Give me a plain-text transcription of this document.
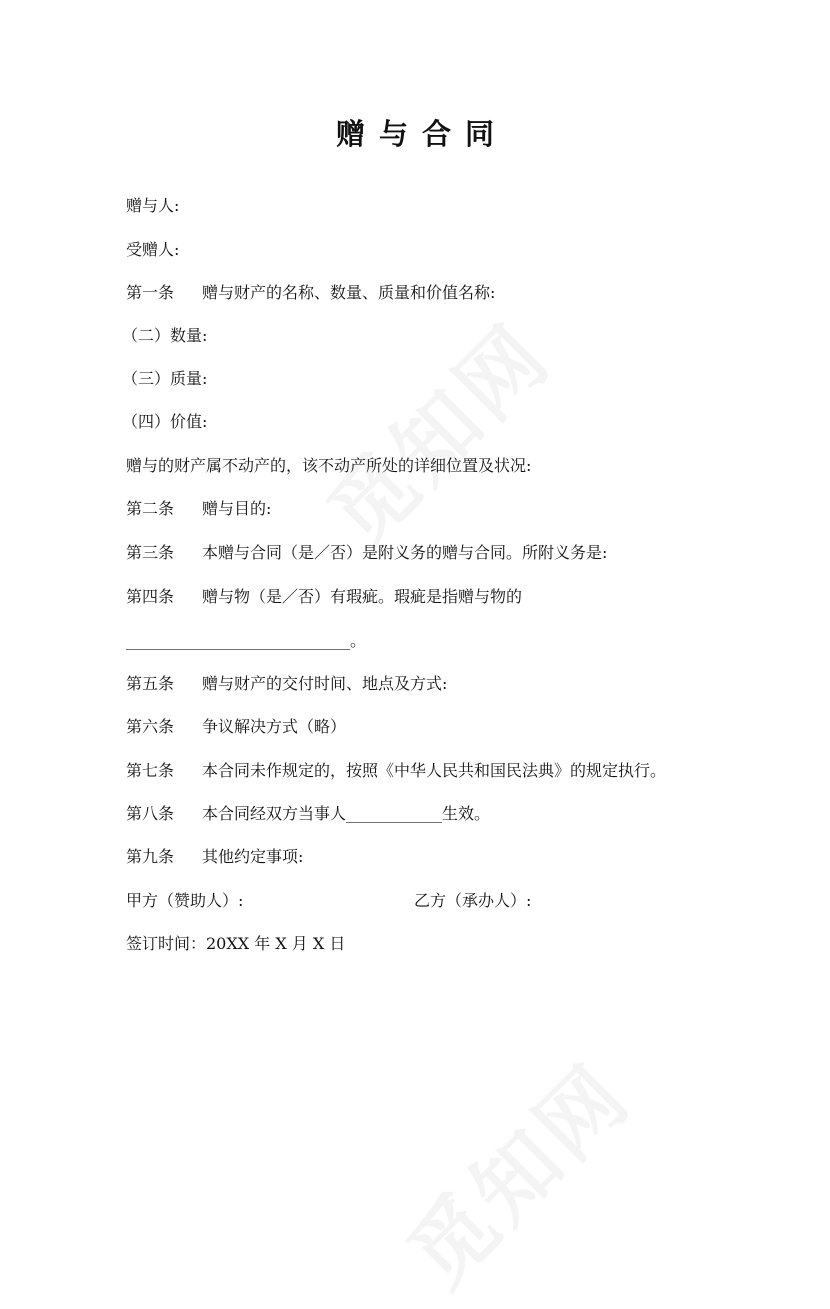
赠与合同
赠与人:
受赠人:
第一条 赠与财产的名称、数量、质量和价值名称:
（二）数量:
（三）质量:
（四）价值:
赠与的财产属不动产的，该不动产所处的详细位置及状况:
第二条 赠与目的:
第三条 本赠与合同（是／否）是附义务的赠与合同。所附义务是:
第四条 赠与物（是／否）有瑕疵。瑕疵是指赠与物的
____________________________。
第五条 赠与财产的交付时间、地点及方式:
第六条 争议解决方式（略）
第七条 本合同未作规定的，按照《中华人民共和国民法典》的规定执行。
第八条 本合同经双方当事人____________生效。
第九条 其他约定事项:
甲方（赞助人）:	乙方（承办人）:
签订时间：20XX 年 X 月 X 日
